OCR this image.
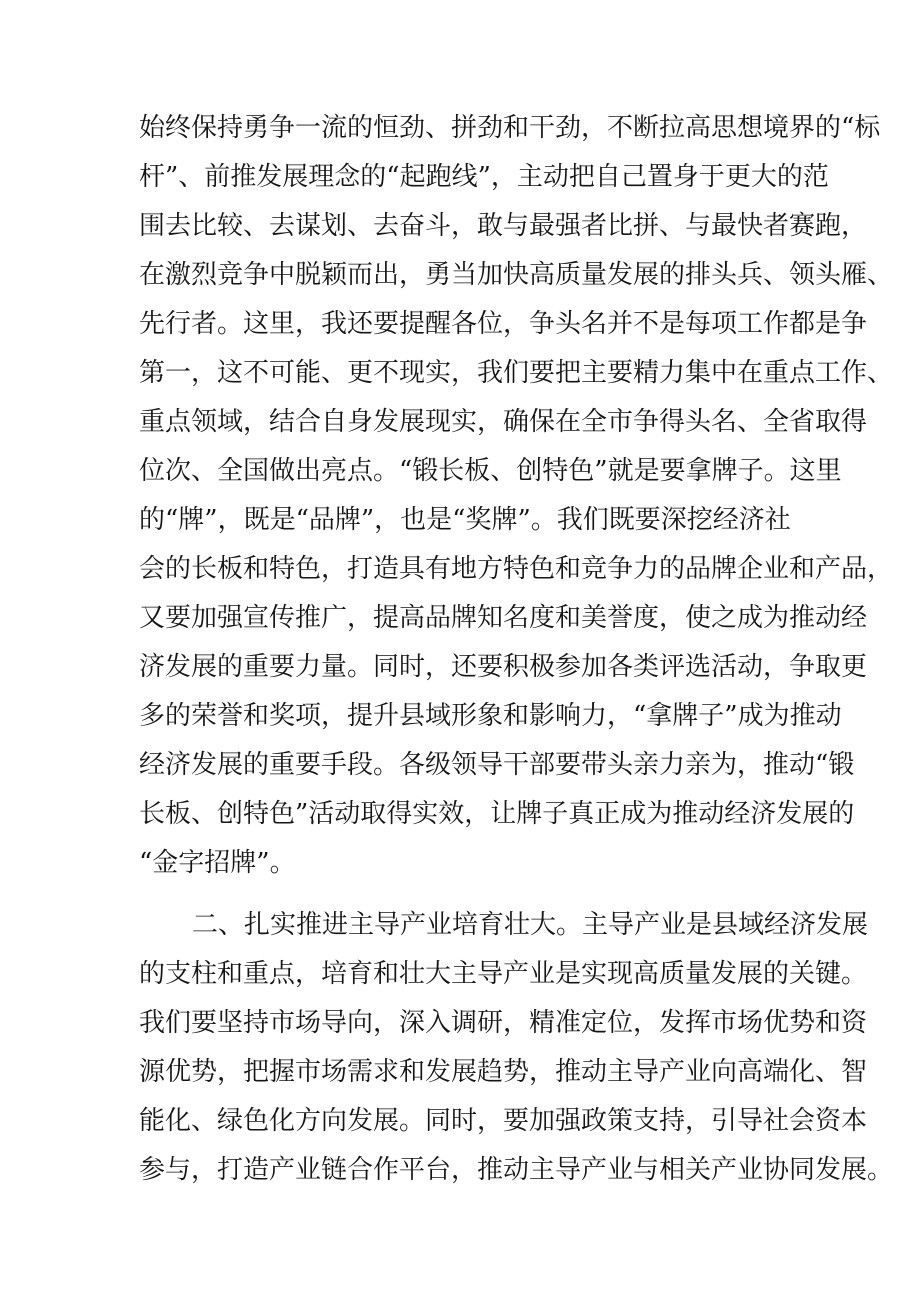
始终保持勇争一流的恒劲、拼劲和干劲，不断拉高思想境界的“标
杆”、前推发展理念的“起跑线”，主动把自己置身于更大的范
围去比较、去谋划、去奋斗，敢与最强者比拼、与最快者赛跑，
在激烈竞争中脱颖而出，勇当加快高质量发展的排头兵、领头雁、
先行者。这里，我还要提醒各位，争头名并不是每项工作都是争
第一，这不可能、更不现实，我们要把主要精力集中在重点工作、
重点领域，结合自身发展现实，确保在全市争得头名、全省取得
位次、全国做出亮点。“锻长板、创特色”就是要拿牌子。这里
的“牌”，既是“品牌”，也是“奖牌”。我们既要深挖经济社
会的长板和特色，打造具有地方特色和竞争力的品牌企业和产品，
又要加强宣传推广，提高品牌知名度和美誉度，使之成为推动经
济发展的重要力量。同时，还要积极参加各类评选活动，争取更
多的荣誉和奖项，提升县域形象和影响力，“拿牌子”成为推动
经济发展的重要手段。各级领导干部要带头亲力亲为，推动“锻
长板、创特色”活动取得实效，让牌子真正成为推动经济发展的
“金字招牌”。
二、扎实推进主导产业培育壮大。主导产业是县域经济发展
的支柱和重点，培育和壮大主导产业是实现高质量发展的关键。
我们要坚持市场导向，深入调研，精准定位，发挥市场优势和资
源优势，把握市场需求和发展趋势，推动主导产业向高端化、智
能化、绿色化方向发展。同时，要加强政策支持，引导社会资本
参与，打造产业链合作平台，推动主导产业与相关产业协同发展。
